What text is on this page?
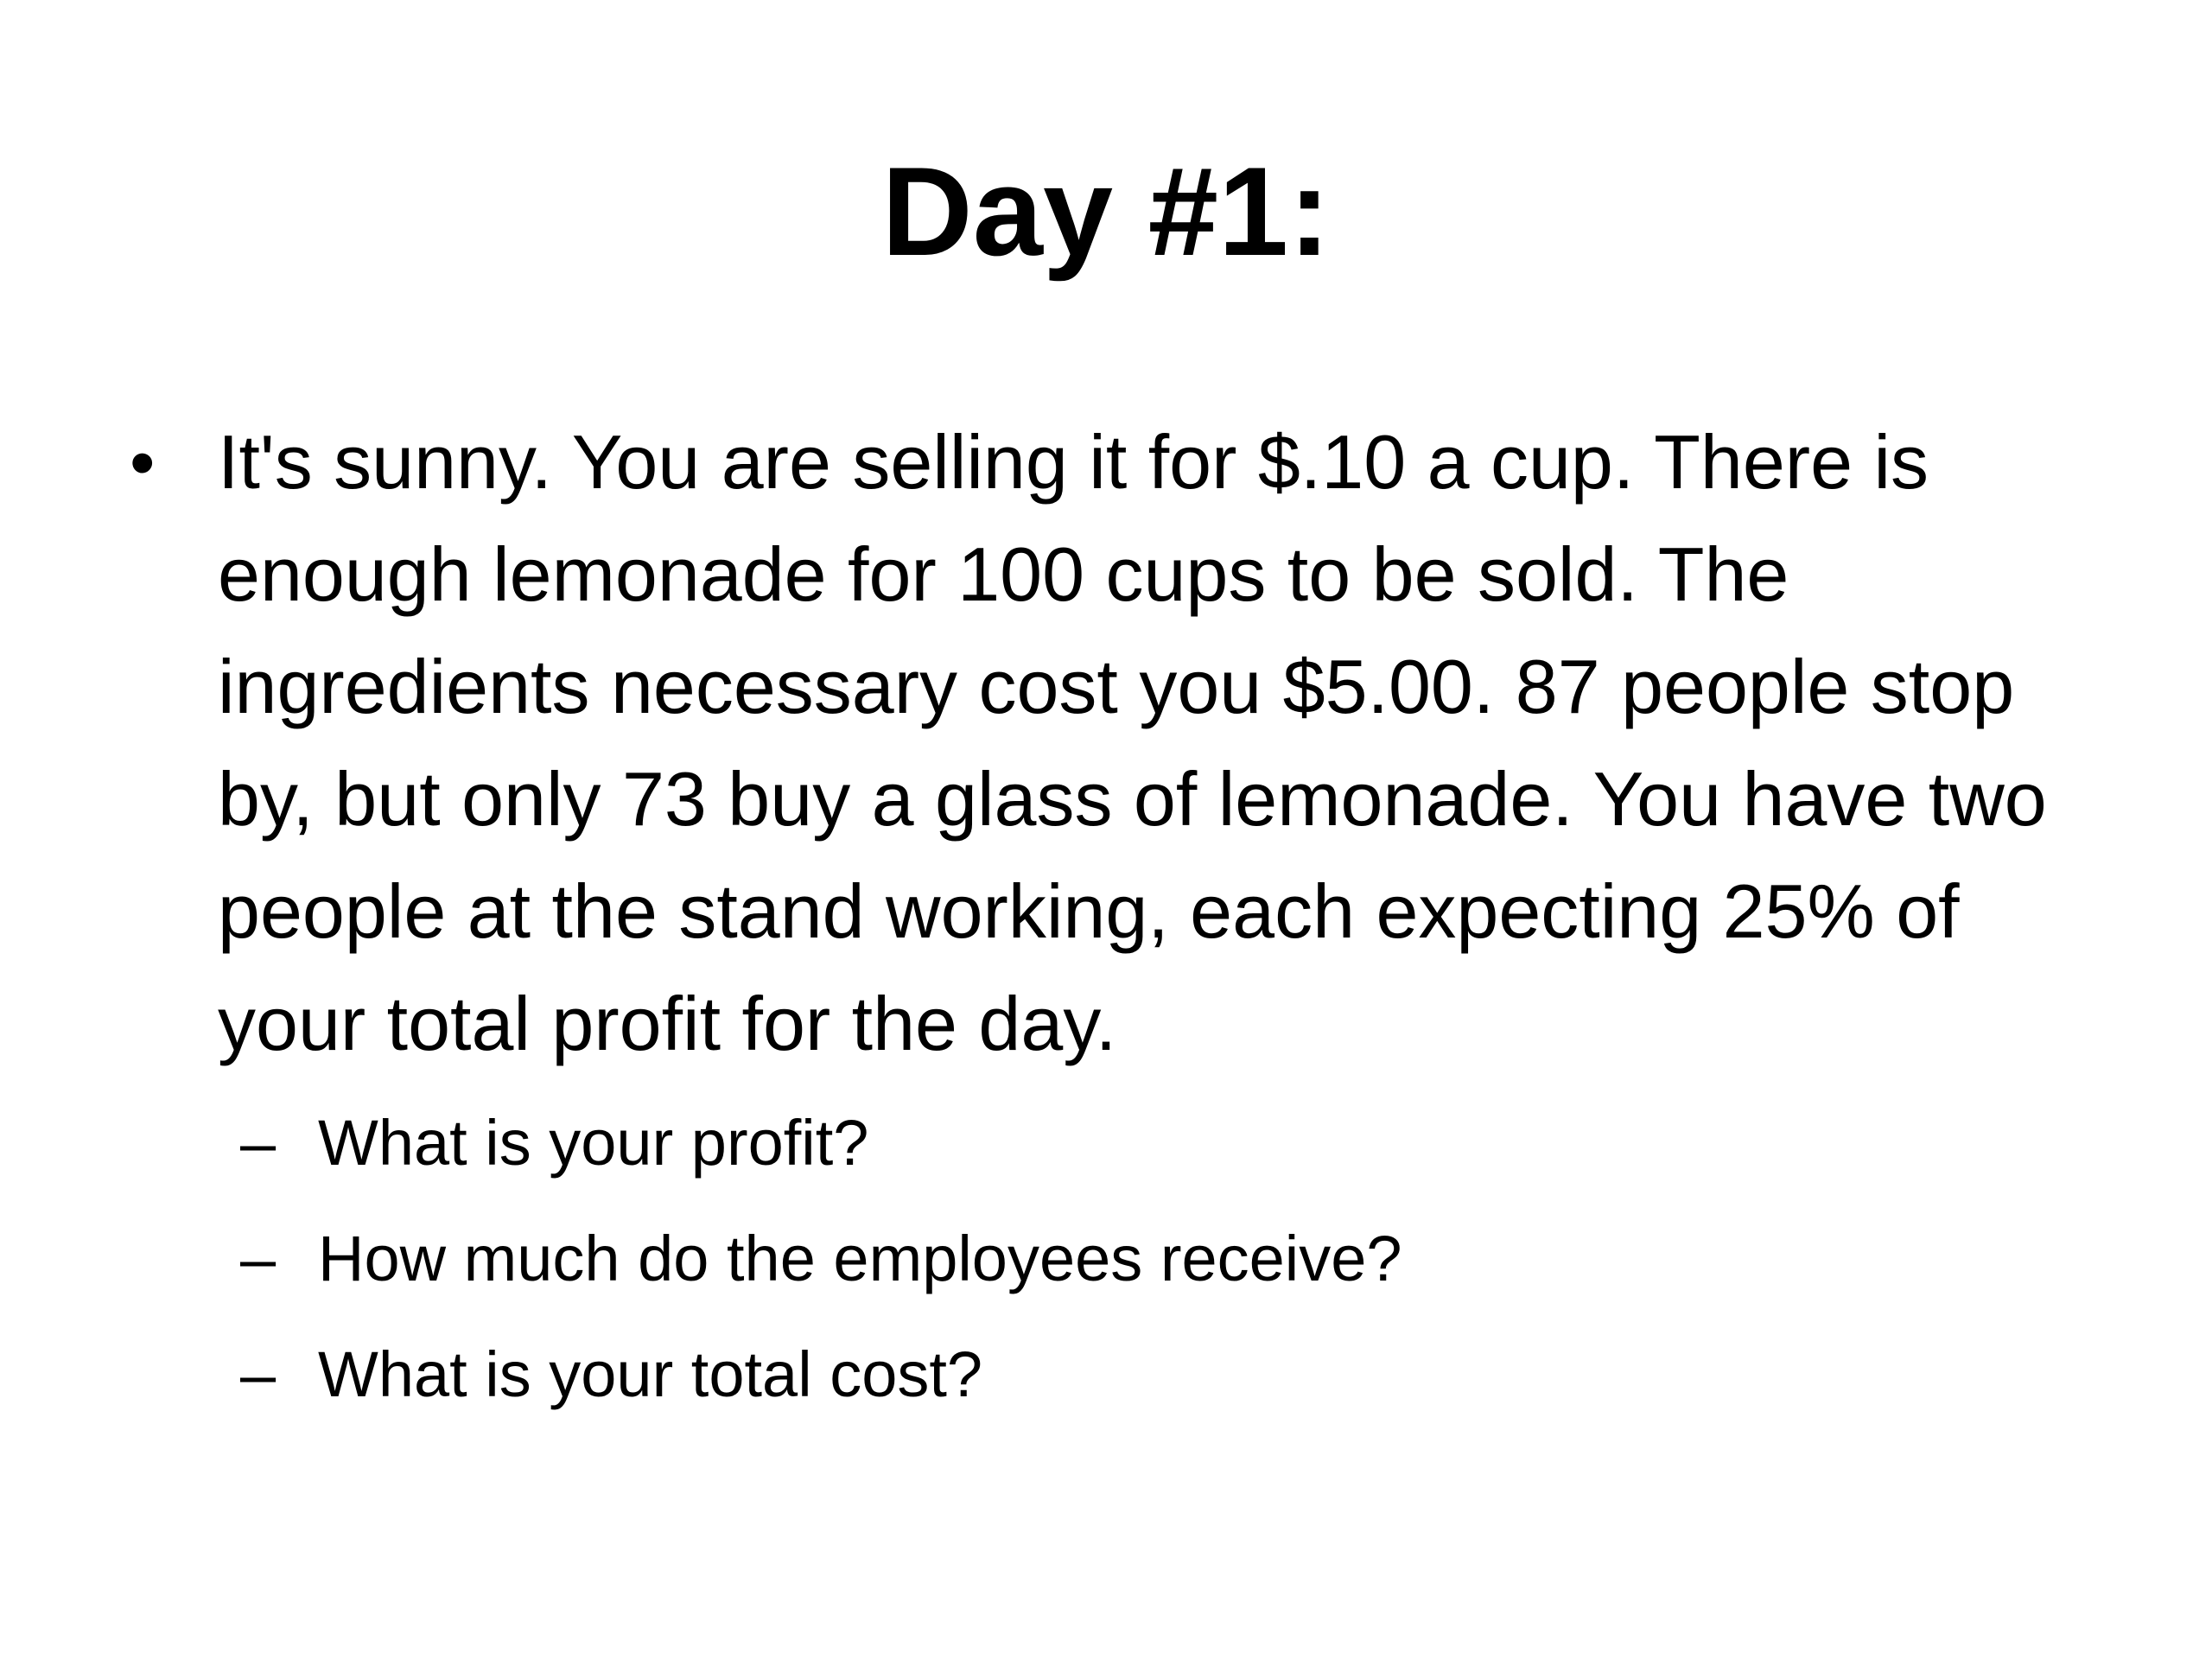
Day #1:
• It's sunny. You are selling it for $.10 a cup. There is enough lemonade for 100 cups to be sold. The ingredients necessary cost you $5.00. 87 people stop by, but only 73 buy a glass of lemonade. You have two people at the stand working, each expecting 25% of your total profit for the day.

– What is your profit?
– How much do the employees receive?
– What is your total cost?
